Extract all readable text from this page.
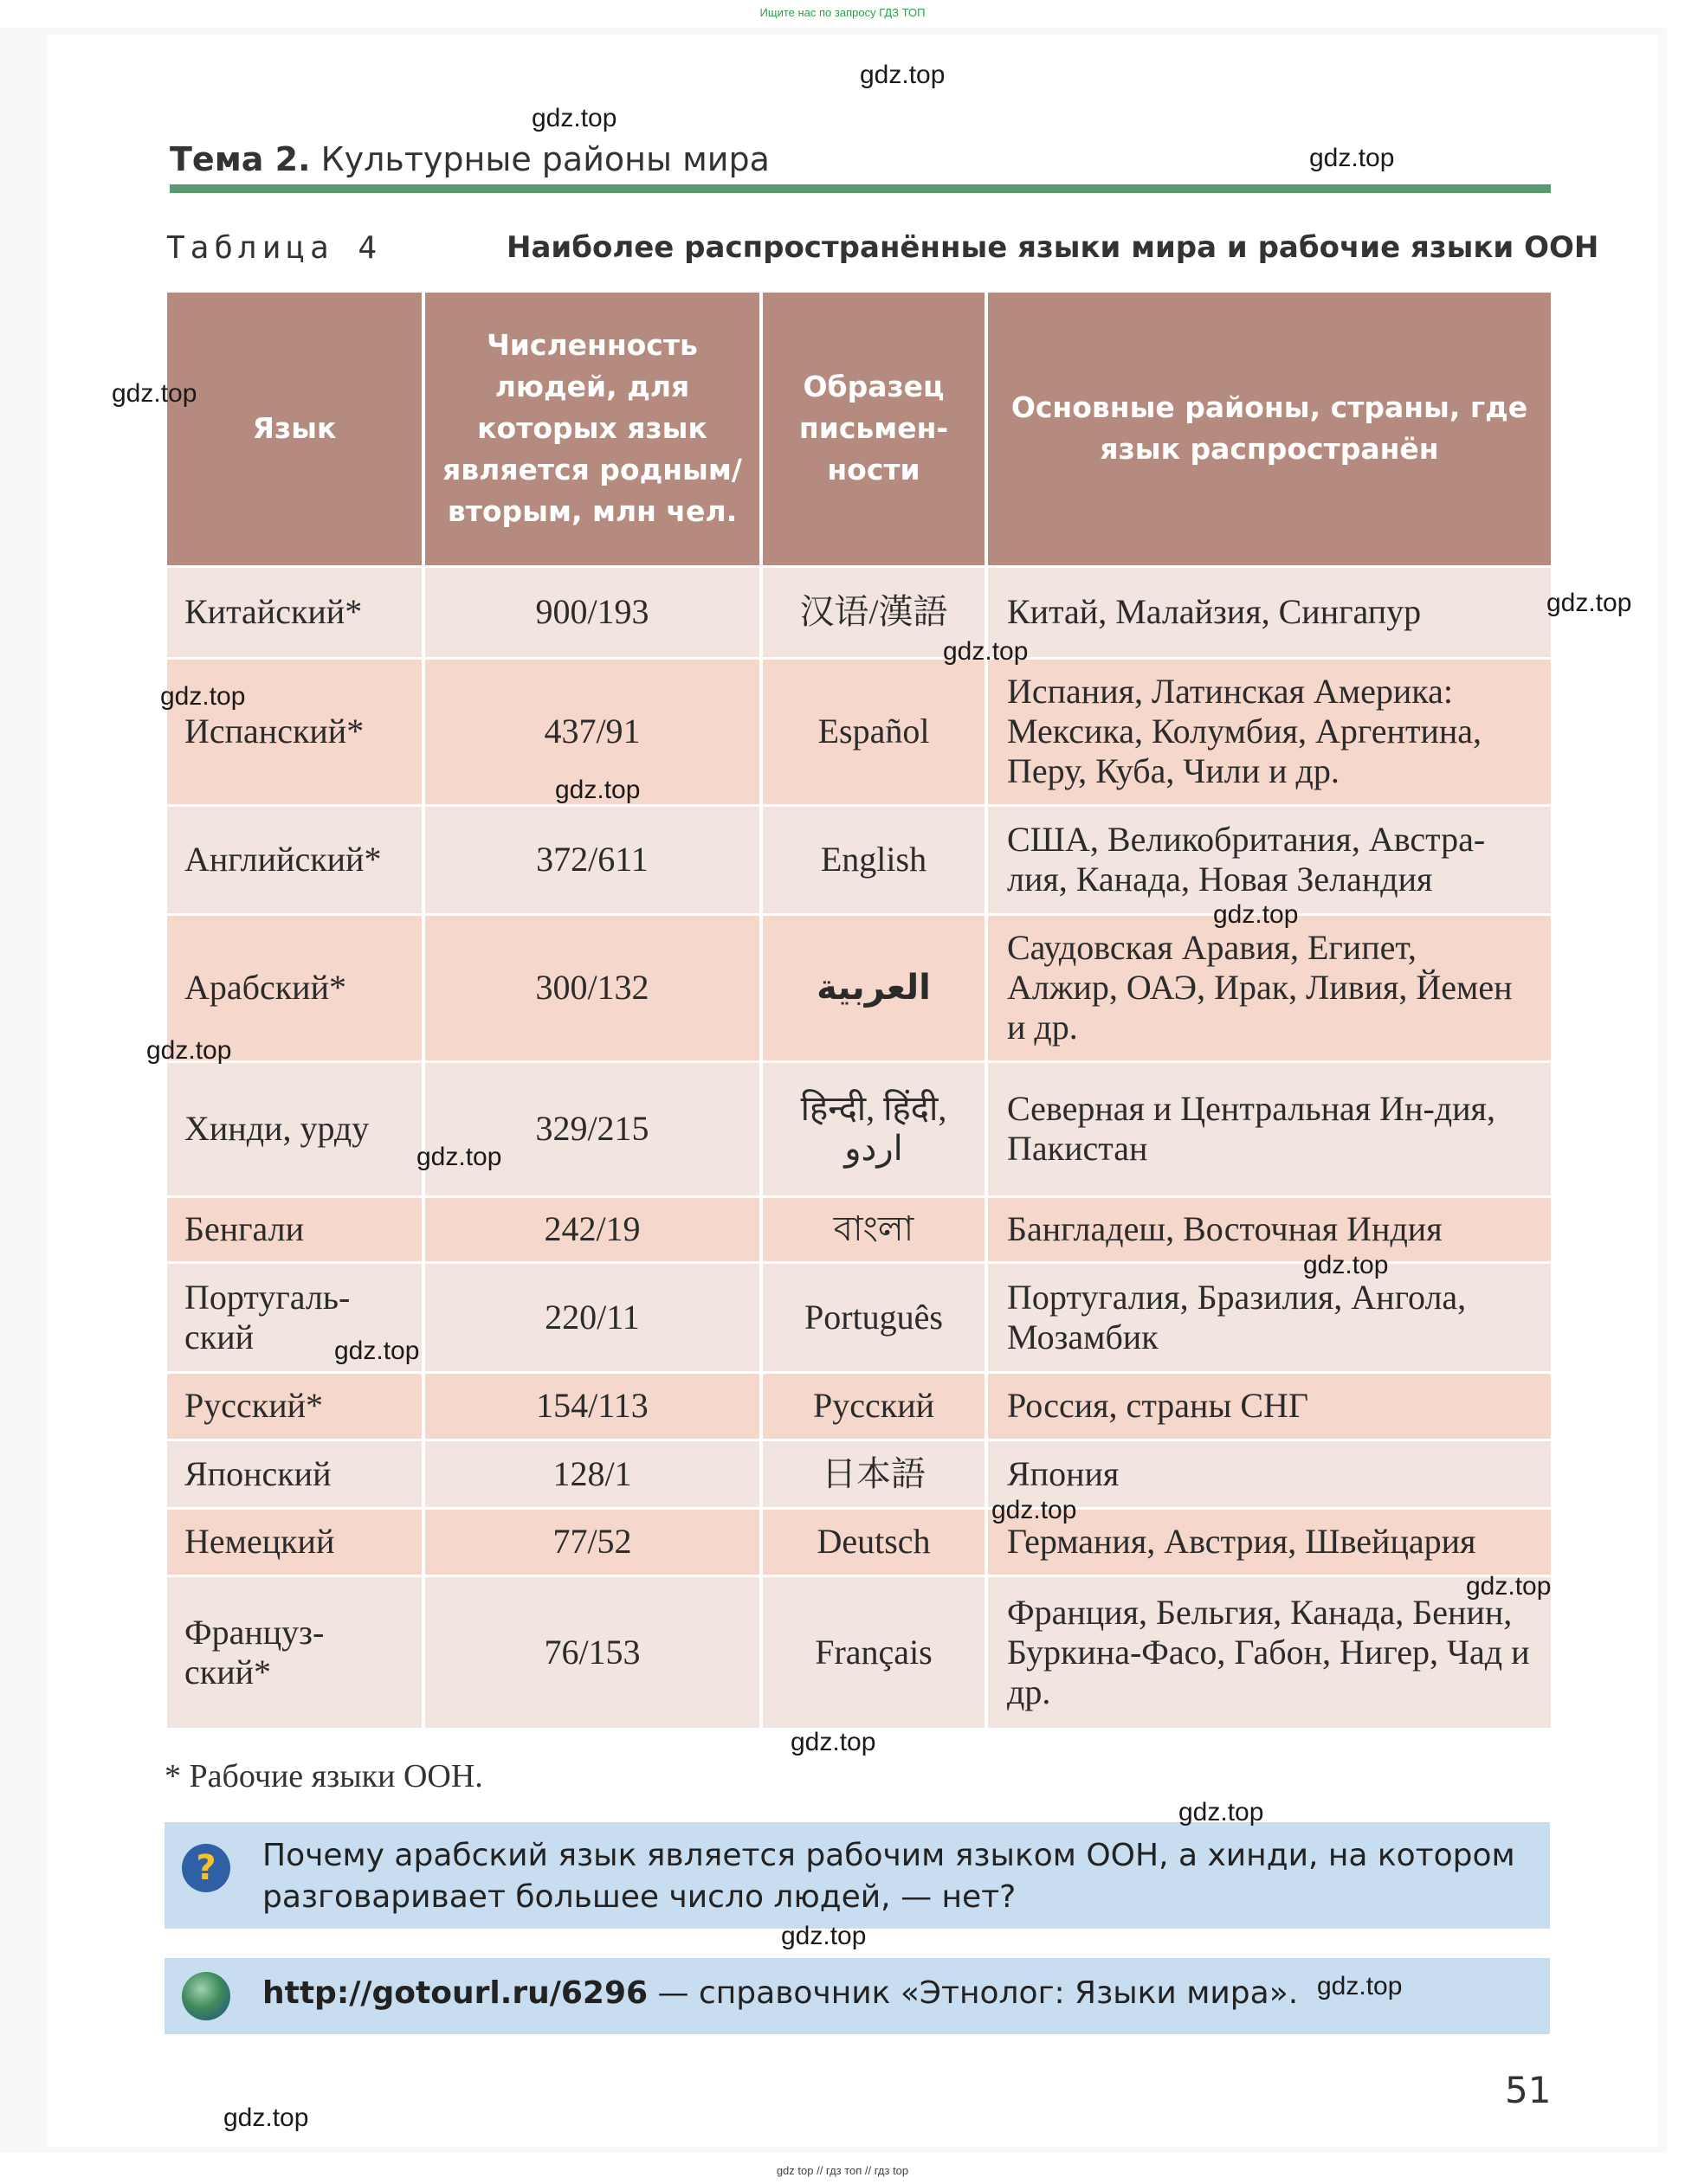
Ищите нас по запросу ГДЗ ТОП
Тема 2. Культурные районы мира
Таблица 4	Наиболее распространённые языки мира и рабочие языки ООН
Язык	Численность людей, для которых язык является родным/ вторым, млн чел.	Образец письмен-ности	Основные районы, страны, где язык распространён
Китайский*	900/193	汉语/漢語	Китай, Малайзия, Сингапур
Испанский*	437/91	Español	Испания, Латинская Америка: Мексика, Колумбия, Аргентина, Перу, Куба, Чили и др.
Английский*	372/611	English	США, Великобритания, Австра-лия, Канада, Новая Зеландия
Арабский*	300/132	العربية	Саудовская Аравия, Египет, Алжир, ОАЭ, Ирак, Ливия, Йемен и др.
Хинди, урду	329/215	हिन्दी, हिंदी, اردو	Северная и Центральная Ин-дия, Пакистан
Бенгали	242/19	বাংলা	Бангладеш, Восточная Индия
Португаль-ский	220/11	Português	Португалия, Бразилия, Ангола, Мозамбик
Русский*	154/113	Русский	Россия, страны СНГ
Японский	128/1	日本語	Япония
Немецкий	77/52	Deutsch	Германия, Австрия, Швейцария
Француз-ский*	76/153	Français	Франция, Бельгия, Канада, Бенин, Буркина-Фасо, Габон, Нигер, Чад и др.
* Рабочие языки ООН.
?	Почему арабский язык является рабочим языком ООН, а хинди, на котором разговаривает большее число людей, — нет?
http://gotourl.ru/6296 — справочник «Этнолог: Языки мира».
51
gdz.top
gdz.top
gdz.top
gdz.top
gdz.top
gdz.top
gdz.top
gdz.top
gdz.top
gdz.top
gdz.top
gdz.top
gdz.top
gdz.top
gdz.top
gdz.top
gdz.top
gdz.top
gdz.top
gdz.top
gdz top // гдз топ // гдз top
